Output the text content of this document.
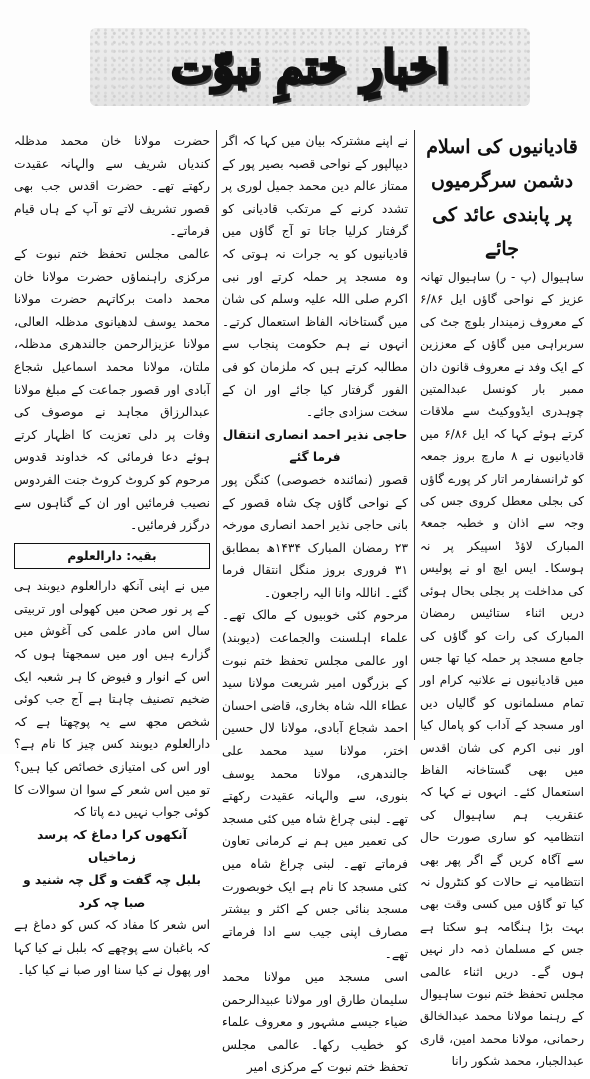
اخبارِ ختمِ نبوّت

قادیانیوں کی اسلام دشمن سرگرمیوں پر پابندی عائد کی جائے

ساہیوال (پ - ر) ساہیوال تھانہ عزیز کے نواحی گاؤں ایل ۶/۸۶ کے معروف زمیندار بلوچ جٹ کی سربراہی میں گاؤں کے معززین کے ایک وفد نے معروف قانون دان ممبر بار کونسل عبدالمتین چوہدری ایڈووکیٹ سے ملاقات کرتے ہوئے کہا کہ ایل ۶/۸۶ میں قادیانیوں نے ۸ مارچ بروز جمعہ کو ٹرانسفارمر اتار کر پورے گاؤں کی بجلی معطل کروی جس کی وجہ سے اذان و خطبہ جمعۃ المبارک لاؤڈ اسپیکر پر نہ ہوسکا۔ ایس ایچ او نے پولیس کی مداخلت پر بجلی بحال ہوئی دریں اثناء ستائیس رمضان المبارک کی رات کو گاؤں کی جامع مسجد پر حملہ کیا تھا جس میں قادیانیوں نے علانیہ کرام اور تمام مسلمانوں کو گالیاں دیں اور مسجد کے آداب کو پامال کیا اور نبی اکرم کی شان اقدس میں بھی گستاخانہ الفاظ استعمال کئے۔ انہوں نے کہا کہ عنقریب ہم ساہیوال کی انتظامیہ کو ساری صورت حال سے آگاہ کریں گے اگر پھر بھی انتظامیہ نے حالات کو کنٹرول نہ کیا تو گاؤں میں کسی وقت بھی بہت بڑا ہنگامہ ہو سکتا ہے جس کے مسلمان ذمہ دار نہیں ہوں گے۔ دریں اثناء عالمی مجلس تحفظ ختم نبوت ساہیوال کے رہنما مولانا محمد عبدالخالق رحمانی، مولانا محمد امین، قاری عبدالجبار، محمد شکور رانا

نے اپنے مشترکہ بیان میں کہا کہ اگر دیپالپور کے نواحی قصبہ بصیر پور کے ممتاز عالم دین محمد جمیل لوری پر تشدد کرنے کے مرتکب قادیانی کو گرفتار کرلیا جاتا تو آج گاؤں میں قادیانیوں کو یہ جرات نہ ہوتی کہ وہ مسجد پر حملہ کرتے اور نبی اکرم صلی اللہ علیہ وسلم کی شان میں گستاخانہ الفاظ استعمال کرتے۔ انہوں نے ہم حکومت پنجاب سے مطالبہ کرتے ہیں کہ ملزمان کو فی الفور گرفتار کیا جائے اور ان کے سخت سزادی جائے۔

حاجی نذیر احمد انصاری انتقال فرما گئے

قصور (نمائندہ خصوصی) کنگن پور کے نواحی گاؤں چک شاہ قصور کے بانی حاجی نذیر احمد انصاری مورخہ ۲۳ رمضان المبارک ۱۴۳۴ھ بمطابق ۳۱ فروری بروز منگل انتقال فرما گئے۔ اناللہ وانا الیہ راجعون۔

مرحوم کئی خوبیوں کے مالک تھے۔ علماء اہلسنت والجماعت (دیوبند) اور عالمی مجلس تحفظ ختم نبوت کے بزرگوں امیر شریعت مولانا سید عطاء اللہ شاہ بخاری، قاضی احسان احمد شجاع آبادی، مولانا لال حسین اختر، مولانا سید محمد علی جالندھری، مولانا محمد یوسف بنوری، سے والہانہ عقیدت رکھتے تھے۔ لبنی چراغ شاہ میں کئی مسجد کی تعمیر میں ہم نے کرمانی تعاون فرماتے تھے۔ لبنی چراغ شاہ میں کئی مسجد کا نام ہے ایک خوبصورت مسجد بنائی جس کے اکثر و بیشتر مصارف اپنی جیب سے ادا فرماتے تھے۔

اسی مسجد میں مولانا محمد سلیمان طارق اور مولانا عبیدالرحمن ضیاء جیسے مشہور و معروف علماء کو خطیب رکھا۔ عالمی مجلس تحفظ ختم نبوت کے مرکزی امیر

حضرت مولانا خان محمد مدظلہ کندیاں شریف سے والہانہ عقیدت رکھتے تھے۔ حضرت اقدس جب بھی قصور تشریف لاتے تو آپ کے ہاں قیام فرماتے۔

عالمی مجلس تحفظ ختم نبوت کے مرکزی راہنماؤں حضرت مولانا خان محمد دامت برکاتہم حضرت مولانا محمد یوسف لدھیانوی مدظلہ العالی، مولانا عزیزالرحمن جالندھری مدظلہ، ملتان، مولانا محمد اسماعیل شجاع آبادی اور قصور جماعت کے مبلغ مولانا عبدالرزاق مجاہد نے موصوف کی وفات پر دلی تعزیت کا اظہار کرتے ہوئے دعا فرمائی کہ خداوند قدوس مرحوم کو کروٹ کروٹ جنت الفردوس نصیب فرمائیں اور ان کے گناہوں سے درگزر فرمائیں۔

بقیہ: دارالعلوم

میں نے اپنی آنکھ دارالعلوم دیوبند ہی کے پر نور صحن میں کھولی اور تربیتی سال اس مادر علمی کی آغوش میں گزارے ہیں اور میں سمجھتا ہوں کہ اس کے انوار و فیوض کا ہر شعبہ ایک ضخیم تصنیف چاہتا ہے آج جب کوئی شخص مجھ سے یہ پوچھتا ہے کہ دارالعلوم دیوبند کس چیز کا نام ہے؟ اور اس کی امتیازی خصائص کیا ہیں؟ تو میں اس شعر کے سوا ان سوالات کا کوئی جواب نہیں دے پاتا کہ

آنکھوں کرا دماغ کہ پرسد زماخیاں

بلبل چہ گفت و گل چہ شنید و صبا چہ کرد

اس شعر کا مفاد کہ کس کو دماغ ہے کہ باغبان سے پوچھے کہ بلبل نے کیا کہا اور پھول نے کیا سنا اور صبا نے کیا کیا۔
